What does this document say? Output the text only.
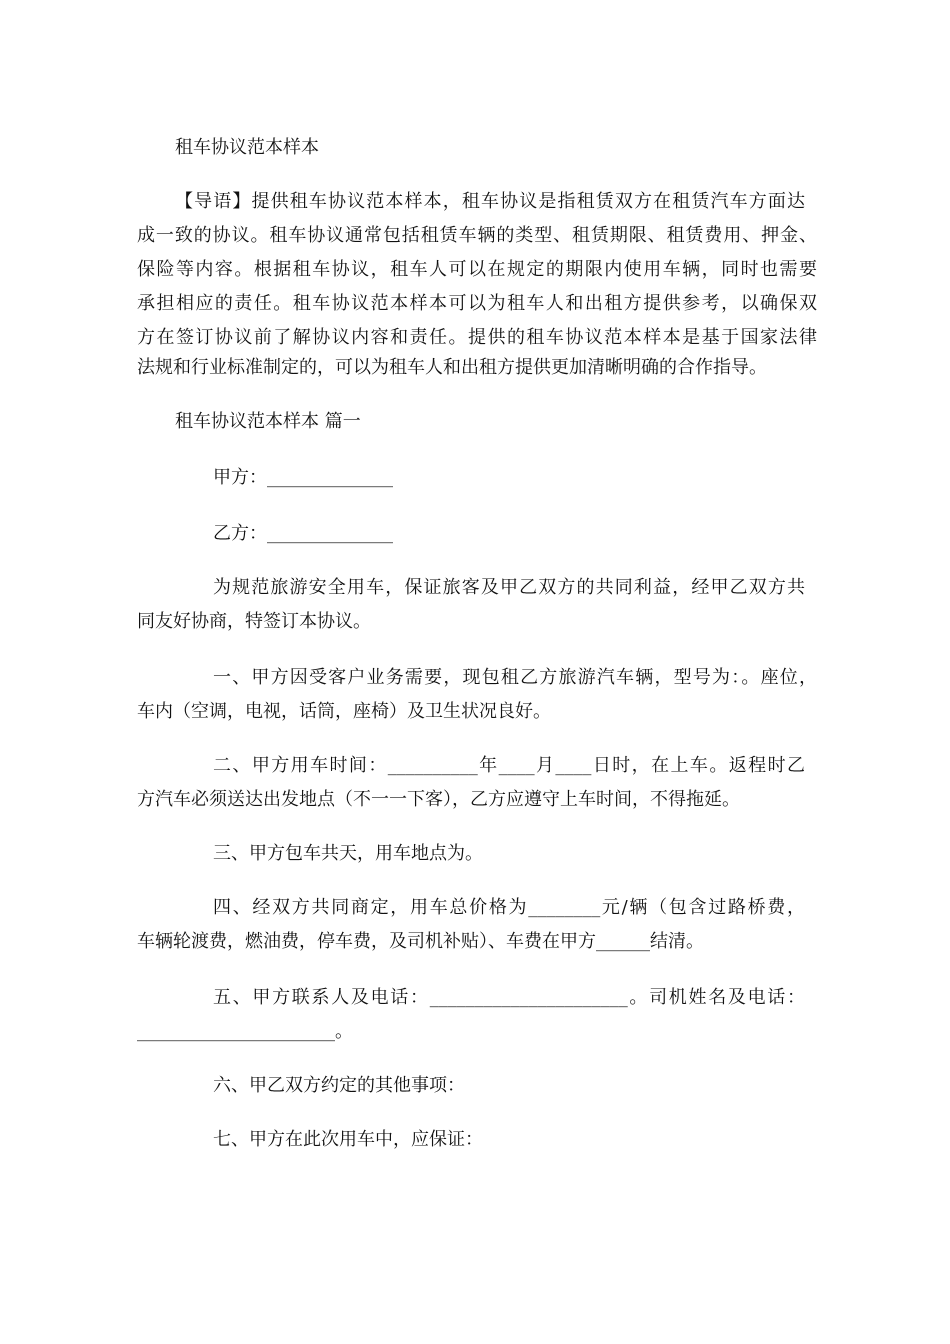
租车协议范本样本
【导语】提供租车协议范本样本，租车协议是指租赁双方在租赁汽车方面达
成一致的协议。租车协议通常包括租赁车辆的类型、租赁期限、租赁费用、押金、
保险等内容。根据租车协议，租车人可以在规定的期限内使用车辆，同时也需要
承担相应的责任。租车协议范本样本可以为租车人和出租方提供参考，以确保双
方在签订协议前了解协议内容和责任。提供的租车协议范本样本是基于国家法律
法规和行业标准制定的，可以为租车人和出租方提供更加清晰明确的合作指导。
租车协议范本样本 篇一
甲方：______________
乙方：______________
为规范旅游安全用车，保证旅客及甲乙双方的共同利益，经甲乙双方共
同友好协商，特签订本协议。
一、甲方因受客户业务需要，现包租乙方旅游汽车辆，型号为：。座位，
车内（空调，电视，话筒，座椅）及卫生状况良好。
二、甲方用车时间：__________年____月____日时，在上车。返程时乙
方汽车必须送达出发地点（不一一下客），乙方应遵守上车时间，不得拖延。
三、甲方包车共天，用车地点为。
四、经双方共同商定，用车总价格为________元/辆（包含过路桥费，
车辆轮渡费，燃油费，停车费，及司机补贴）、车费在甲方______结清。
五、甲方联系人及电话：______________________。司机姓名及电话：
______________________。
六、甲乙双方约定的其他事项：
七、甲方在此次用车中，应保证：
